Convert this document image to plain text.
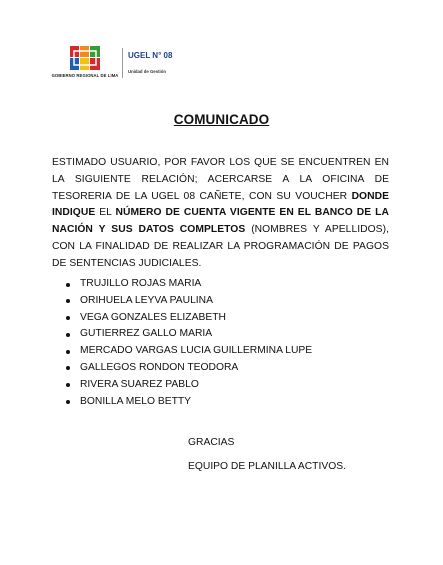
GOBIERNO REGIONAL DE LIMA
UGEL N° 08
Unidad de Gestión
COMUNICADO
ESTIMADO USUARIO, POR FAVOR LOS QUE SE ENCUENTREN EN LA SIGUIENTE RELACIÓN; ACERCARSE A LA OFICINA DE TESORERIA DE LA UGEL 08 CAÑETE, CON SU VOUCHER DONDE INDIQUE EL NÚMERO DE CUENTA VIGENTE EN EL BANCO DE LA NACIÓN Y SUS DATOS COMPLETOS (NOMBRES Y APELLIDOS), CON LA FINALIDAD DE REALIZAR LA PROGRAMACIÓN DE PAGOS DE SENTENCIAS JUDICIALES.
TRUJILLO ROJAS MARIA
ORIHUELA LEYVA PAULINA
VEGA GONZALES ELIZABETH
GUTIERREZ GALLO MARIA
MERCADO VARGAS LUCIA GUILLERMINA LUPE
GALLEGOS RONDON TEODORA
RIVERA SUAREZ PABLO
BONILLA MELO BETTY
GRACIAS
EQUIPO DE PLANILLA ACTIVOS.
